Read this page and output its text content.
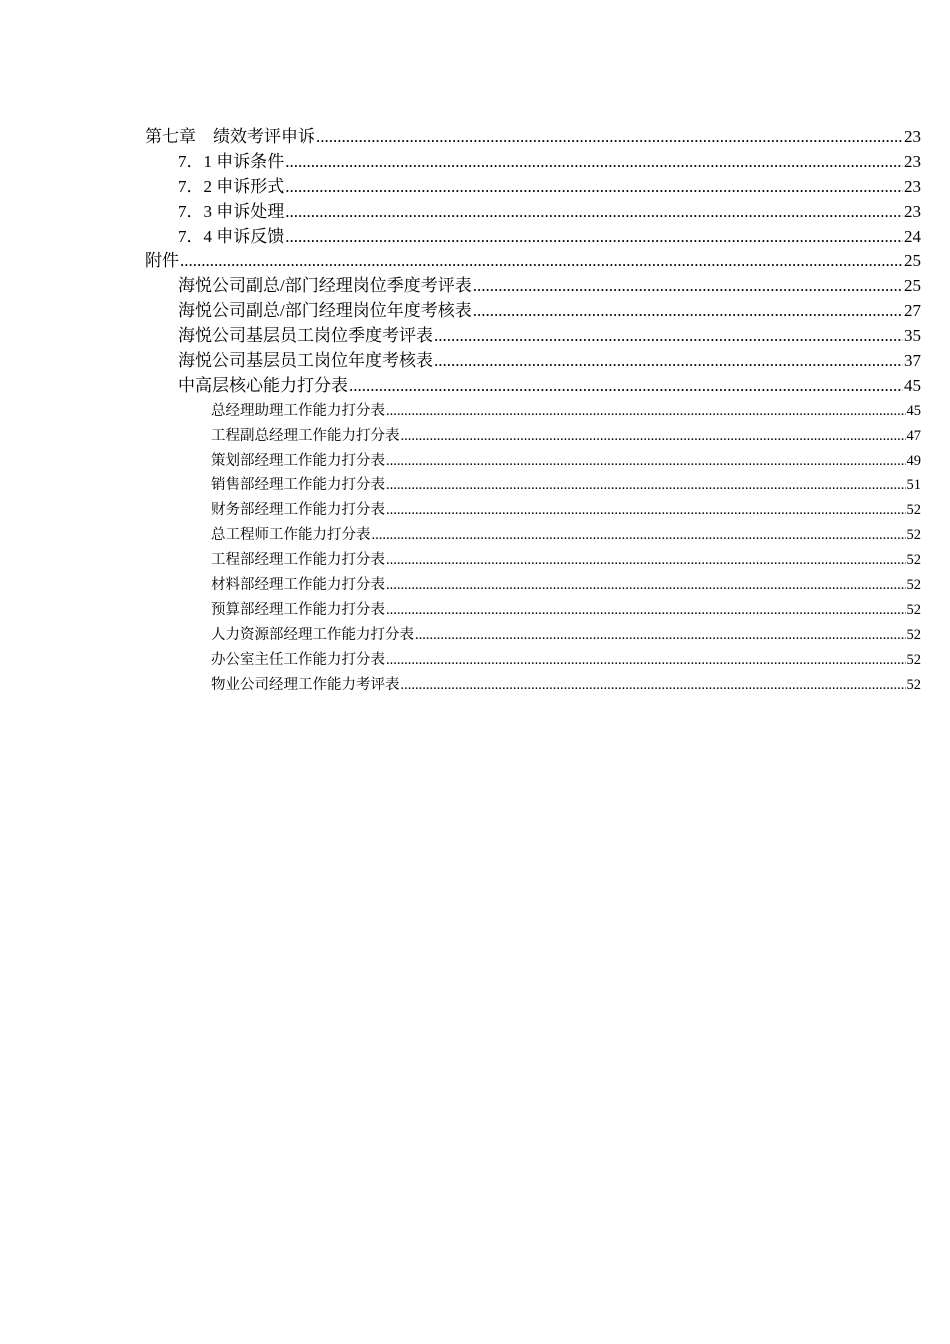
第七章　绩效考评申诉 .....	23
7．1 申诉条件 .....	23
7．2 申诉形式 .....	23
7．3 申诉处理 .....	23
7．4 申诉反馈 .....	24
附件 .....	25
海悦公司副总/部门经理岗位季度考评表 .....	25
海悦公司副总/部门经理岗位年度考核表 .....	27
海悦公司基层员工岗位季度考评表 .....	35
海悦公司基层员工岗位年度考核表 .....	37
中高层核心能力打分表 .....	45
总经理助理工作能力打分表 .....	45
工程副总经理工作能力打分表 .....	47
策划部经理工作能力打分表 .....	49
销售部经理工作能力打分表 .....	51
财务部经理工作能力打分表 .....	52
总工程师工作能力打分表 .....	52
工程部经理工作能力打分表 .....	52
材料部经理工作能力打分表 .....	52
预算部经理工作能力打分表 .....	52
人力资源部经理工作能力打分表 .....	52
办公室主任工作能力打分表 .....	52
物业公司经理工作能力考评表 .....	52
